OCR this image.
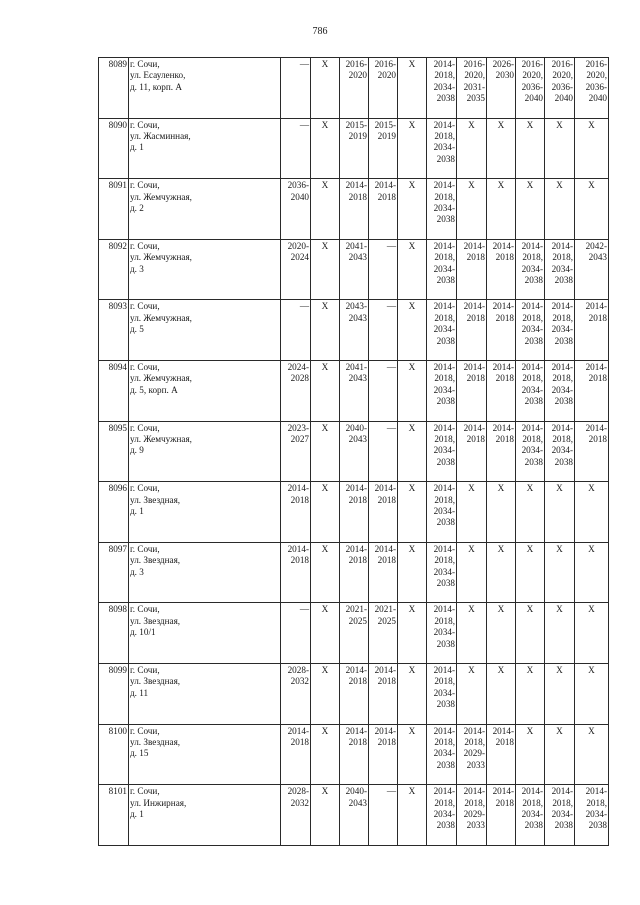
786
8089	г. Сочи,
ул. Есауленко,
д. 11, корп. А	—	X	2016-
2020	2016-
2020	X	2014-
2018,
2034-
2038	2016-
2020,
2031-
2035	2026-
2030	2016-
2020,
2036-
2040	2016-
2020,
2036-
2040	2016-
2020,
2036-
2040
8090	г. Сочи,
ул. Жасминная,
д. 1	—	X	2015-
2019	2015-
2019	X	2014-
2018,
2034-
2038	X	X	X	X	X
8091	г. Сочи,
ул. Жемчужная,
д. 2	2036-
2040	X	2014-
2018	2014-
2018	X	2014-
2018,
2034-
2038	X	X	X	X	X
8092	г. Сочи,
ул. Жемчужная,
д. 3	2020-
2024	X	2041-
2043	—	X	2014-
2018,
2034-
2038	2014-
2018	2014-
2018	2014-
2018,
2034-
2038	2014-
2018,
2034-
2038	2042-
2043
8093	г. Сочи,
ул. Жемчужная,
д. 5	—	X	2043-
2043	—	X	2014-
2018,
2034-
2038	2014-
2018	2014-
2018	2014-
2018,
2034-
2038	2014-
2018,
2034-
2038	2014-
2018
8094	г. Сочи,
ул. Жемчужная,
д. 5, корп. А	2024-
2028	X	2041-
2043	—	X	2014-
2018,
2034-
2038	2014-
2018	2014-
2018	2014-
2018,
2034-
2038	2014-
2018,
2034-
2038	2014-
2018
8095	г. Сочи,
ул. Жемчужная,
д. 9	2023-
2027	X	2040-
2043	—	X	2014-
2018,
2034-
2038	2014-
2018	2014-
2018	2014-
2018,
2034-
2038	2014-
2018,
2034-
2038	2014-
2018
8096	г. Сочи,
ул. Звездная,
д. 1	2014-
2018	X	2014-
2018	2014-
2018	X	2014-
2018,
2034-
2038	X	X	X	X	X
8097	г. Сочи,
ул. Звездная,
д. 3	2014-
2018	X	2014-
2018	2014-
2018	X	2014-
2018,
2034-
2038	X	X	X	X	X
8098	г. Сочи,
ул. Звездная,
д. 10/1	—	X	2021-
2025	2021-
2025	X	2014-
2018,
2034-
2038	X	X	X	X	X
8099	г. Сочи,
ул. Звездная,
д. 11	2028-
2032	X	2014-
2018	2014-
2018	X	2014-
2018,
2034-
2038	X	X	X	X	X
8100	г. Сочи,
ул. Звездная,
д. 15	2014-
2018	X	2014-
2018	2014-
2018	X	2014-
2018,
2034-
2038	2014-
2018,
2029-
2033	2014-
2018	X	X	X
8101	г. Сочи,
ул. Инжирная,
д. 1	2028-
2032	X	2040-
2043	—	X	2014-
2018,
2034-
2038	2014-
2018,
2029-
2033	2014-
2018	2014-
2018,
2034-
2038	2014-
2018,
2034-
2038	2014-
2018,
2034-
2038
